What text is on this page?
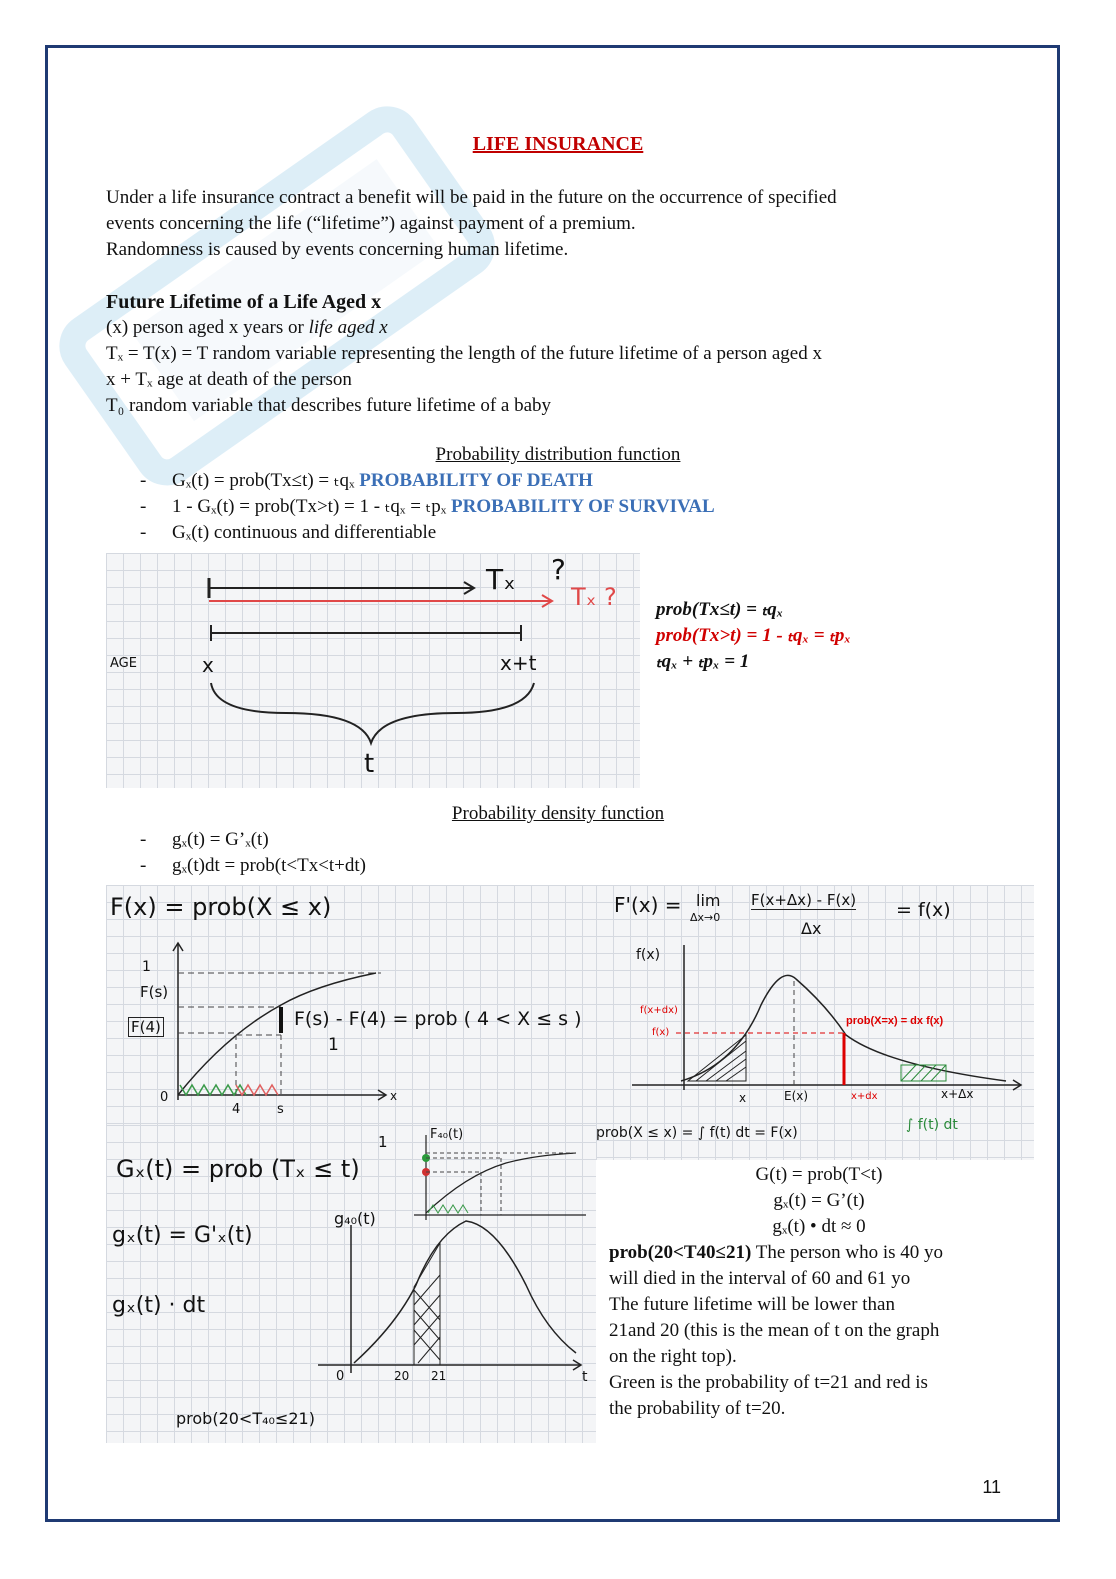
LIFE INSURANCE
Under a life insurance contract a benefit will be paid in the future on the occurrence of specified
events concerning the life (“lifetime”) against payment of a premium.
Randomness is caused by events concerning human lifetime.
Future Lifetime of a Life Aged x
(x) person aged x years or life aged x
Tₓ = T(x) = T random variable representing the length of the future lifetime of a person aged x
x + Tₓ age at death of the person
T₀ random variable that describes future lifetime of a baby
Probability distribution function
- Gₓ(t) = prob(Tx≤t) = ₜqₓ PROBABILITY OF DEATH
- 1 - Gₓ(t) = prob(Tx>t) = 1 - ₜqₓ = ₜpₓ PROBABILITY OF SURVIVAL
- Gₓ(t) continuous and differentiable
Tₓ ?
Tₓ ?
AGE	x	x+t
t
prob(Tx≤t) = ₜqₓ
prob(Tx>t) = 1 - ₜqₓ = ₜpₓ
ₜqₓ + ₜpₓ = 1
Probability density function
- gₓ(t) = G’ₓ(t)
- gₓ(t)dt = prob(t<Tx<t+dt)
F(x) = prob(X ≤ x)
1
F(s)
F(4)	F(s) - F(4) = prob ( 4 < X ≤ s )
1
0
4	s
x
F'(x) = lim
Δx→0
F(x+Δx) - F(x)
Δx
= f(x)
f(x)
f(x+dx)
f(x)
prob(X=x) = dx f(x)
E(x)
x	x+dx	x+Δx
prob(X ≤ x) = ∫ f(t) dt = F(x)	∫ f(t) dt
Gₓ(t) = prob (Tₓ ≤ t)
gₓ(t) = G'ₓ(t)
gₓ(t) · dt
prob(20<T₄₀≤21)
g₄₀(t)
1	F₄₀(t)
20 21
0	t
G(t) = prob(T<t)
gₓ(t) = G’(t)
gₓ(t) • dt ≈ 0
prob(20<T40≤21) The person who is 40 yo
will died in the interval of 60 and 61 yo
The future lifetime will be lower than
21and 20 (this is the mean of t on the graph
on the right top).
Green is the probability of t=21 and red is
the probability of t=20.
11
